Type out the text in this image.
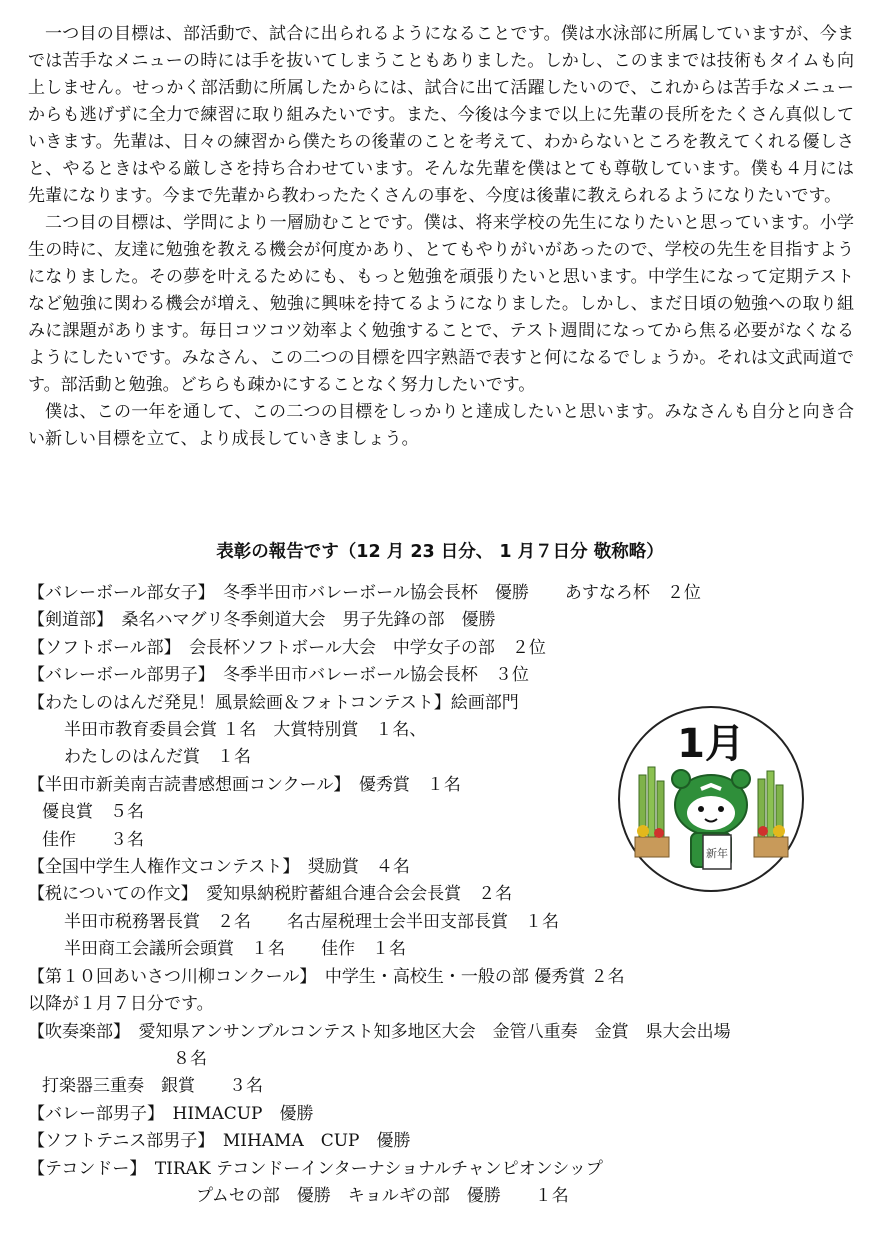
一つ目の目標は、部活動で、試合に出られるようになることです。僕は水泳部に所属していますが、今までは苦手なメニューの時には手を抜いてしまうこともありました。しかし、このままでは技術もタイムも向上しません。せっかく部活動に所属したからには、試合に出て活躍したいので、これからは苦手なメニューからも逃げずに全力で練習に取り組みたいです。また、今後は今まで以上に先輩の長所をたくさん真似していきます。先輩は、日々の練習から僕たちの後輩のことを考えて、わからないところを教えてくれる優しさと、やるときはやる厳しさを持ち合わせています。そんな先輩を僕はとても尊敬しています。僕も４月には先輩になります。今まで先輩から教わったたくさんの事を、今度は後輩に教えられるようになりたいです。

二つ目の目標は、学問により一層励むことです。僕は、将来学校の先生になりたいと思っています。小学生の時に、友達に勉強を教える機会が何度かあり、とてもやりがいがあったので、学校の先生を目指すようになりました。その夢を叶えるためにも、もっと勉強を頑張りたいと思います。中学生になって定期テストなど勉強に関わる機会が増え、勉強に興味を持てるようになりました。しかし、まだ日頃の勉強への取り組みに課題があります。毎日コツコツ効率よく勉強することで、テスト週間になってから焦る必要がなくなるようにしたいです。みなさん、この二つの目標を四字熟語で表すと何になるでしょうか。それは文武両道です。部活動と勉強。どちらも疎かにすることなく努力したいです。

僕は、この一年を通して、この二つの目標をしっかりと達成したいと思います。みなさんも自分と向き合い新しい目標を立て、より成長していきましょう。

表彰の報告です（12 月 23 日分、 1 月７日分 敬称略）
【バレーボール部女子】　冬季半田市バレーボール協会長杯　優勝 あすなろ杯　２位
【剣道部】　桑名ハマグリ冬季剣道大会　男子先鋒の部　優勝
【ソフトボール部】　会長杯ソフトボール大会　中学女子の部　２位
【バレーボール部男子】　冬季半田市バレーボール協会長杯　３位
【わたしのはんだ発見！風景絵画＆フォトコンテスト】絵画部門
半田市教育委員会賞 １名　大賞特別賞　１名、
わたしのはんだ賞　１名
【半田市新美南吉読書感想画コンクール】　優秀賞　１名
優良賞　５名
佳作　　３名
【全国中学生人権作文コンテスト】　奨励賞　４名
【税についての作文】　愛知県納税貯蓄組合連合会会長賞　２名
半田市税務署長賞　２名 名古屋税理士会半田支部長賞　１名
半田商工会議所会頭賞　１名 佳作　１名
【第１０回あいさつ川柳コンクール】　中学生・高校生・一般の部 優秀賞 ２名
以降が１月７日分です。
【吹奏楽部】　愛知県アンサンブルコンテスト知多地区大会　金管八重奏　金賞　県大会出場
８名
打楽器三重奏　銀賞　　３名
【バレー部男子】　HIMACUP　優勝
【ソフトテニス部男子】　MIHAMA　CUP　優勝
【テコンドー】　TIRAK テコンドーインターナショナルチャンピオンシップ
プムセの部　優勝　キョルギの部　優勝　　１名
1月
新年
